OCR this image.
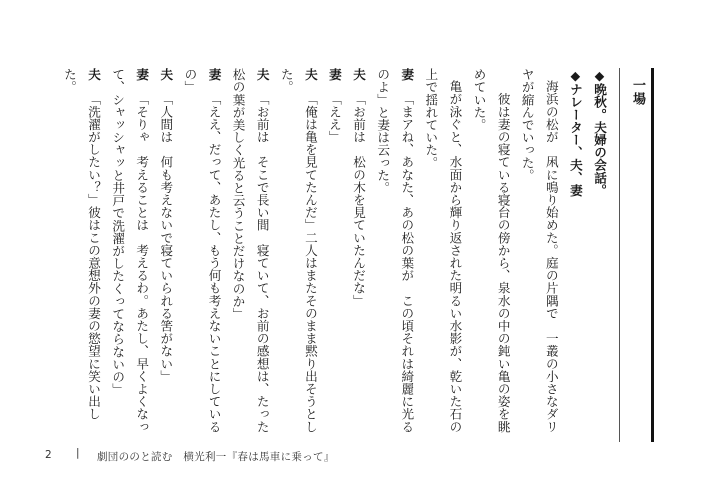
一場

◆晩秋。夫婦の会話。

◆ナレーター、夫、妻

海浜の松が　凩に鳴り始めた。庭の片隅で　一叢の小さなダリヤが縮んでいった。

　彼は妻の寝ている寝台の傍から、泉水の中の鈍い亀の姿を眺めていた。

亀が泳ぐと、水面から輝り返された明るい水影が、乾いた石の上で揺れていた。

妻「まアね、あなた、あの松の葉が　この頃それは綺麗に光るのよ」と妻は云った。

夫「お前は　松の木を見ていたんだな」

妻「ええ」

夫「俺は亀を見てたんだ」二人はまたそのまま黙り出そうとした。

夫「お前は　そこで長い間　寝ていて、お前の感想は、たった松の葉が美しく光ると云うことだけなのか」

妻「ええ、だって、あたし、もう何も考えないことにしているの」

夫「人間は　何も考えないで寝ていられる筈がない」

妻「そりゃ　考えることは　考えるわ。あたし、早くよくなって、シャッシャッと井戸で洗濯がしたくってならないの」

夫「洗濯がしたい？」彼はこの意想外の妻の慾望に笑い出した。

2 | 劇団ののと読む　横光利一『春は馬車に乗って』
